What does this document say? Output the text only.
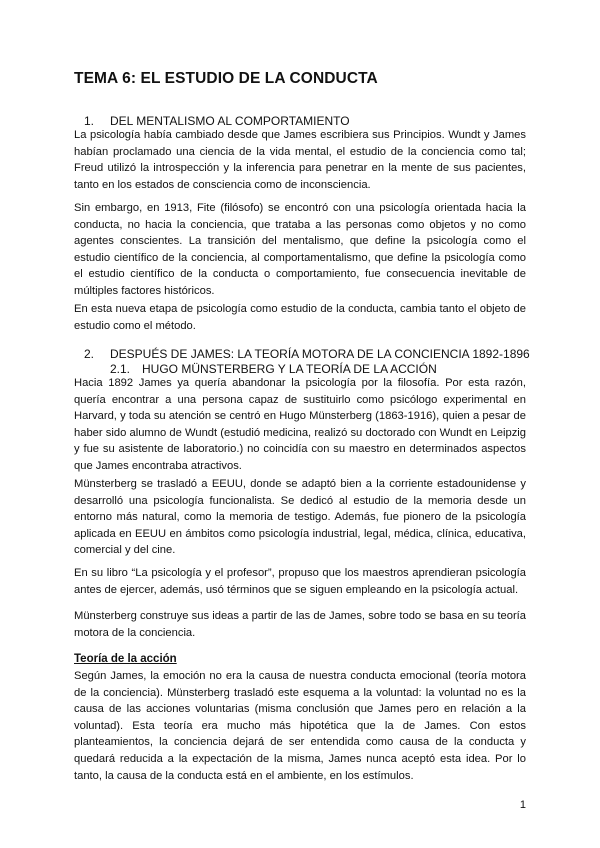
TEMA 6: EL ESTUDIO DE LA CONDUCTA
1. DEL MENTALISMO AL COMPORTAMIENTO

La psicología había cambiado desde que James escribiera sus Principios. Wundt y James habían proclamado una ciencia de la vida mental, el estudio de la conciencia como tal; Freud utilizó la introspección y la inferencia para penetrar en la mente de sus pacientes, tanto en los estados de consciencia como de inconsciencia.

Sin embargo, en 1913, Fite (filósofo) se encontró con una psicología orientada hacia la conducta, no hacia la conciencia, que trataba a las personas como objetos y no como agentes conscientes. La transición del mentalismo, que define la psicología como el estudio científico de la conciencia, al comportamentalismo, que define la psicología como el estudio científico de la conducta o comportamiento, fue consecuencia inevitable de múltiples factores históricos.

En esta nueva etapa de psicología como estudio de la conducta, cambia tanto el objeto de estudio como el método.

2. DESPUÉS DE JAMES: LA TEORÍA MOTORA DE LA CONCIENCIA 1892-1896
2.1. HUGO MÜNSTERBERG Y LA TEORÍA DE LA ACCIÓN

Hacia 1892 James ya quería abandonar la psicología por la filosofía. Por esta razón, quería encontrar a una persona capaz de sustituirlo como psicólogo experimental en Harvard, y toda su atención se centró en Hugo Münsterberg (1863-1916), quien a pesar de haber sido alumno de Wundt (estudió medicina, realizó su doctorado con Wundt en Leipzig y fue su asistente de laboratorio.) no coincidía con su maestro en determinados aspectos que James encontraba atractivos.

Münsterberg se trasladó a EEUU, donde se adaptó bien a la corriente estadounidense y desarrolló una psicología funcionalista. Se dedicó al estudio de la memoria desde un entorno más natural, como la memoria de testigo. Además, fue pionero de la psicología aplicada en EEUU en ámbitos como psicología industrial, legal, médica, clínica, educativa, comercial y del cine.

En su libro “La psicología y el profesor”, propuso que los maestros aprendieran psicología antes de ejercer, además, usó términos que se siguen empleando en la psicología actual.

Münsterberg construye sus ideas a partir de las de James, sobre todo se basa en su teoría motora de la conciencia.

Teoría de la acción

Según James, la emoción no era la causa de nuestra conducta emocional (teoría motora de la conciencia). Münsterberg trasladó este esquema a la voluntad: la voluntad no es la causa de las acciones voluntarias (misma conclusión que James pero en relación a la voluntad). Esta teoría era mucho más hipotética que la de James. Con estos planteamientos, la conciencia dejará de ser entendida como causa de la conducta y quedará reducida a la expectación de la misma, James nunca aceptó esta idea. Por lo tanto, la causa de la conducta está en el ambiente, en los estímulos.

1
